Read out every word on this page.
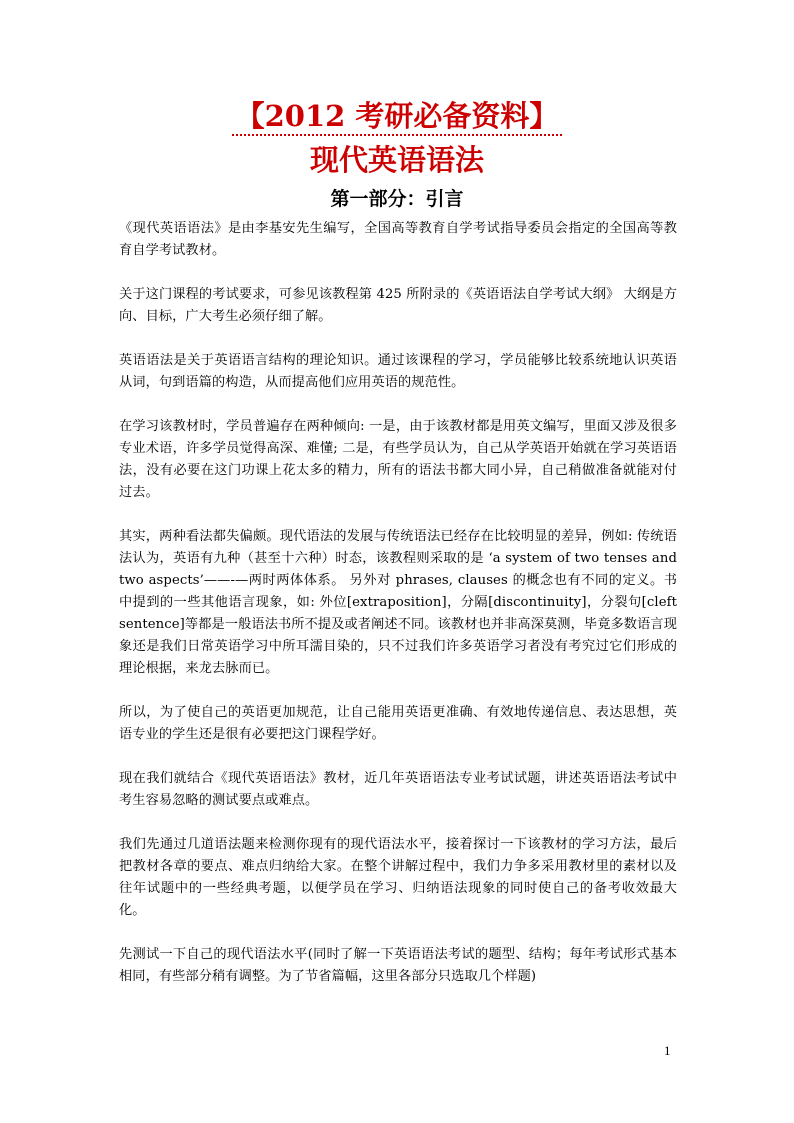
【2012 考研必备资料】
现代英语语法
第一部分：引言

《现代英语语法》是由李基安先生编写，全国高等教育自学考试指导委员会指定的全国高等教育自学考试教材。

关于这门课程的考试要求，可参见该教程第 425 所附录的《英语语法自学考试大纲》 大纲是方向、目标，广大考生必须仔细了解。

英语语法是关于英语语言结构的理论知识。通过该课程的学习，学员能够比较系统地认识英语从词，句到语篇的构造，从而提高他们应用英语的规范性。

在学习该教材时，学员普遍存在两种倾向: 一是，由于该教材都是用英文编写，里面又涉及很多专业术语，许多学员觉得高深、难懂; 二是，有些学员认为，自己从学英语开始就在学习英语语法，没有必要在这门功课上花太多的精力，所有的语法书都大同小异，自己稍做准备就能对付过去。

其实，两种看法都失偏颇。现代语法的发展与传统语法已经存在比较明显的差异，例如: 传统语法认为，英语有九种（甚至十六种）时态，该教程则采取的是 ‘a system of two tenses and two aspects’——-—两时两体体系。 另外对 phrases, clauses 的概念也有不同的定义。书中提到的一些其他语言现象，如: 外位[extraposition]，分隔[discontinuity]，分裂句[cleft sentence]等都是一般语法书所不提及或者阐述不同。该教材也并非高深莫测，毕竟多数语言现象还是我们日常英语学习中所耳濡目染的，只不过我们许多英语学习者没有考究过它们形成的理论根据，来龙去脉而已。

所以，为了使自己的英语更加规范，让自己能用英语更准确、有效地传递信息、表达思想，英语专业的学生还是很有必要把这门课程学好。

现在我们就结合《现代英语语法》教材，近几年英语语法专业考试试题，讲述英语语法考试中考生容易忽略的测试要点或难点。

我们先通过几道语法题来检测你现有的现代语法水平，接着探讨一下该教材的学习方法，最后把教材各章的要点、难点归纳给大家。在整个讲解过程中，我们力争多采用教材里的素材以及往年试题中的一些经典考题，以便学员在学习、归纳语法现象的同时使自己的备考收效最大化。

先测试一下自己的现代语法水平(同时了解一下英语语法考试的题型、结构；每年考试形式基本相同，有些部分稍有调整。为了节省篇幅，这里各部分只选取几个样题)

1
